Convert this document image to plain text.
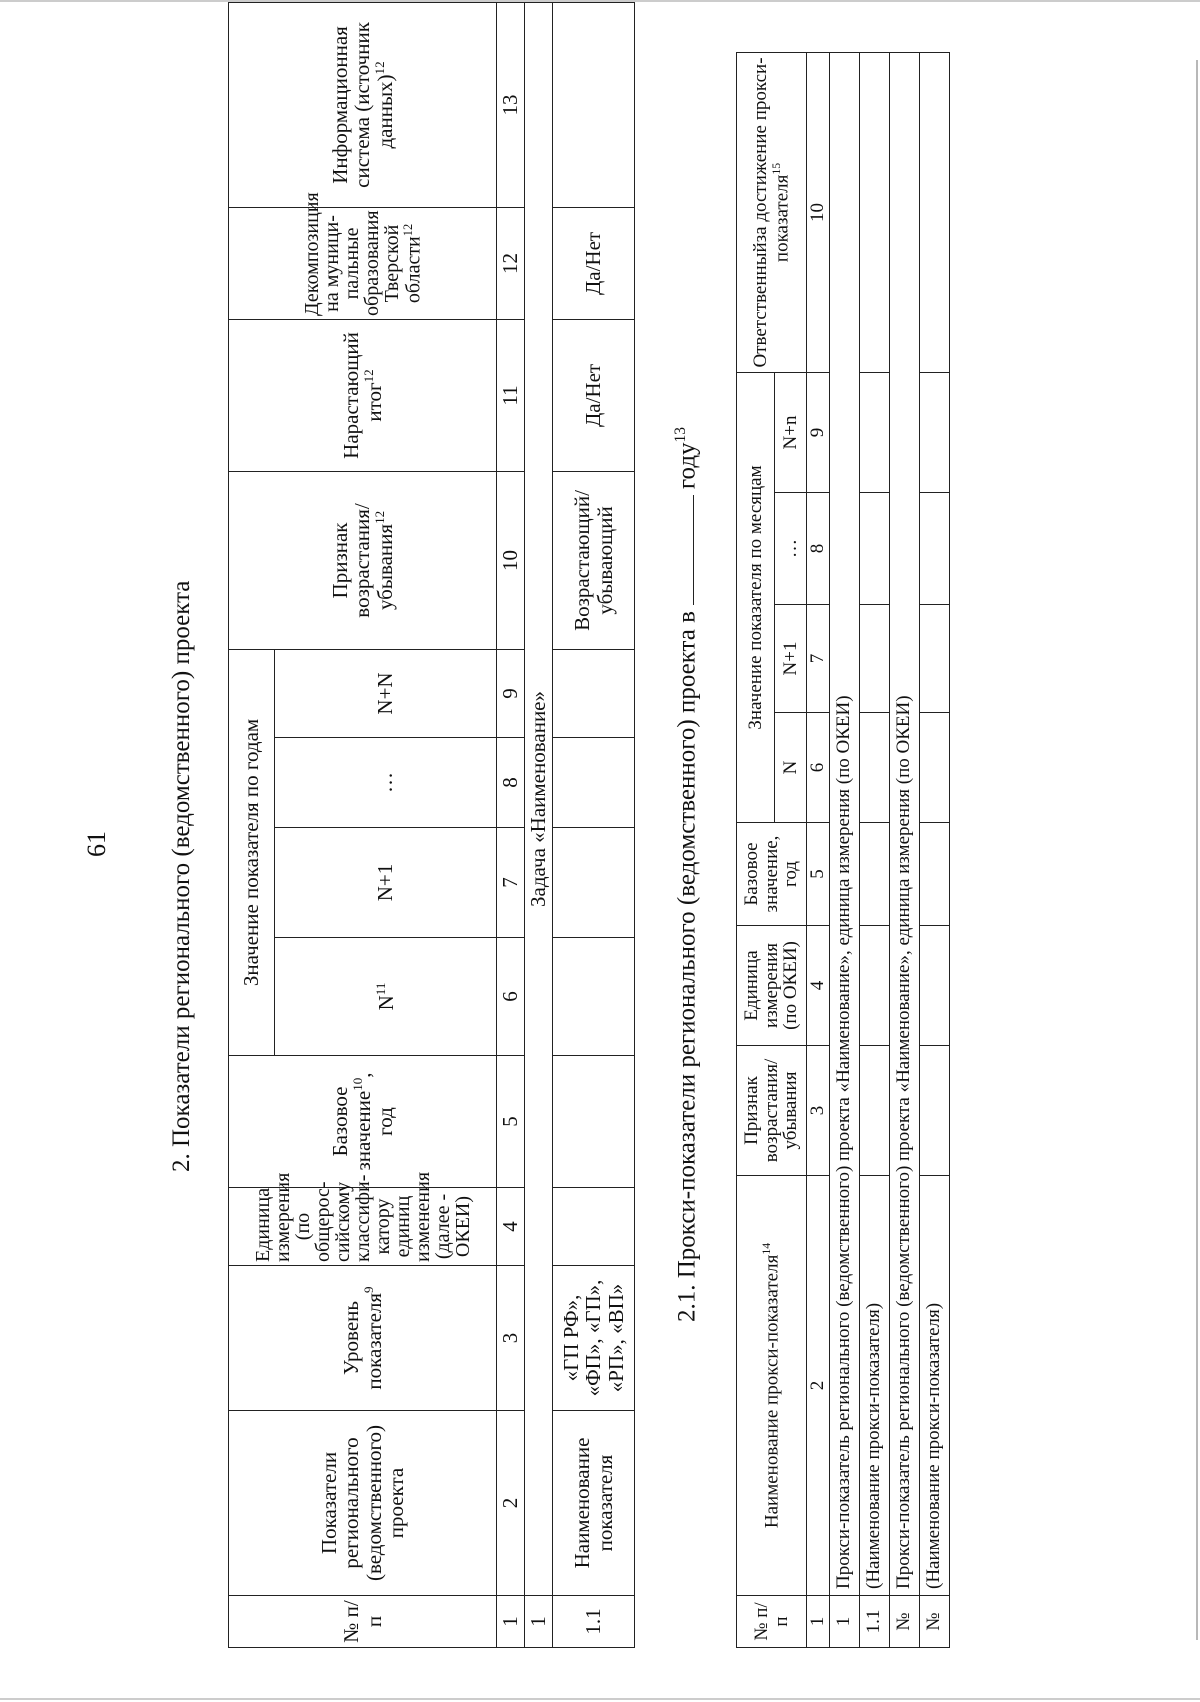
61 2. Показатели регионального (ведомственного) проекта
№ п/п	Показатели регионального (ведомственного) проекта	Уровень показателя$^9$	Единица измерения (по общерос-сийскому классифи-катору единиц изменения (далее - ОКЕИ)	Базовое значение$^{10}$, год	Значение показателя по годам				Признак возрастания/ убывания$^{12}$	Нарастающий итог$^{12}$	Декомпозиция на муници-пальные образования Тверской области$^{12}$	Информационная система (источник данных)$^{12}$
					$N^{11}$	N+1	…	N+N				
1	2	3	4	5	6	7	8	9	10	11	12	13
1	Задача «Наименование»											
1.1	Наименование показателя	«ГП РФ», «ФП», «ГП», «РП», «ВП»							Возрастающий/ убывающий	Да/Нет	Да/Нет	
2.1. Прокси-показатели регионального (ведомственного) проекта вгоду$^{13}$
№ п/п	Наименование прокси-показателя$^{14}$	Признак возрастания/ убывания	Единица измерения (по ОКЕИ)	Базовое значение, год	Значение показателя по месяцам				Ответственныйза достижение прокси-показателя$^{15}$
					N	N+1	…	N+n	
1	2	3	4	5	6	7	8	9	10
1	Прокси-показатель регионального (ведомственного) проекта «Наименование», единица измерения (по ОКЕИ)								
1.1	(Наименование прокси-показателя)								
№	Прокси-показатель регионального (ведомственного) проекта «Наименование», единица измерения (по ОКЕИ)								
№	(Наименование прокси-показателя)								
